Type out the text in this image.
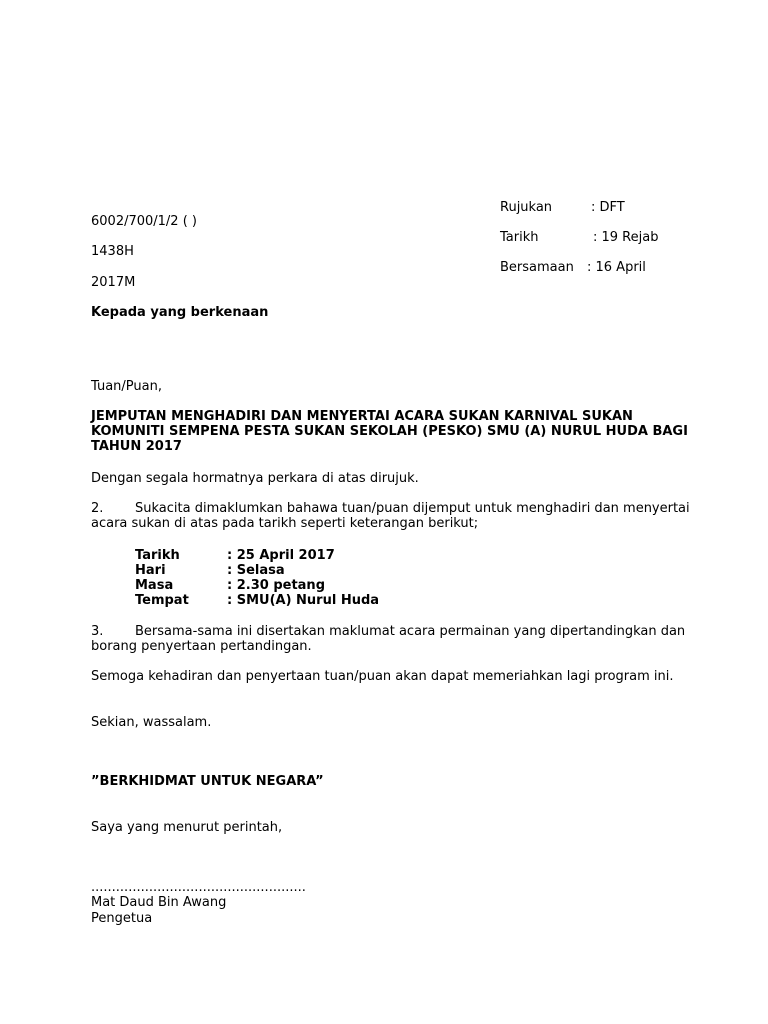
Rujukan	: DFT
6002/700/1/2 ( )
Tarikh	: 19 Rejab
1438H
Bersamaan : 16 April
2017M
Kepada yang berkenaan
Tuan/Puan,
JEMPUTAN MENGHADIRI DAN MENYERTAI ACARA SUKAN KARNIVAL SUKAN KOMUNITI SEMPENA PESTA SUKAN SEKOLAH (PESKO) SMU (A) NURUL HUDA BAGI TAHUN 2017
Dengan segala hormatnya perkara di atas dirujuk.
2. Sukacita dimaklumkan bahawa tuan/puan dijemput untuk menghadiri dan menyertai acara sukan di atas pada tarikh seperti keterangan berikut;
Tarikh	: 25 April 2017
Hari	: Selasa
Masa	: 2.30 petang
Tempat	: SMU(A) Nurul Huda
3. Bersama-sama ini disertakan maklumat acara permainan yang dipertandingkan dan borang penyertaan pertandingan.
Semoga kehadiran dan penyertaan tuan/puan akan dapat memeriahkan lagi program ini.
Sekian, wassalam.
”BERKHIDMAT UNTUK NEGARA”
Saya yang menurut perintah,
....................................................
Mat Daud Bin Awang
Pengetua
